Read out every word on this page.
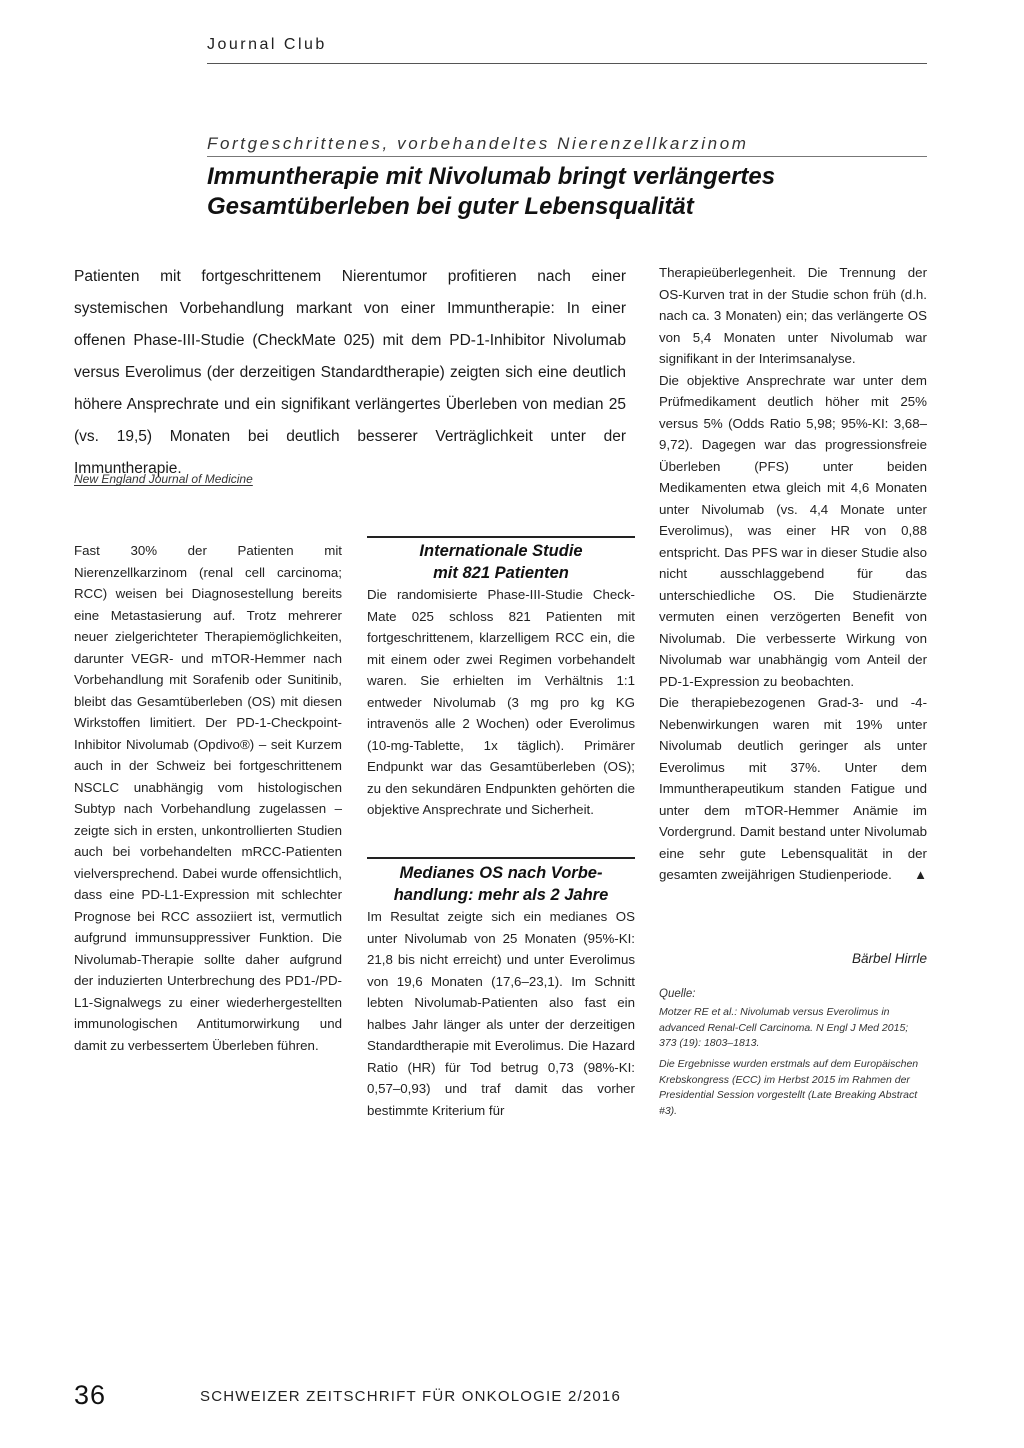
Journal Club
Fortgeschrittenes, vorbehandeltes Nierenzellkarzinom
Immuntherapie mit Nivolumab bringt verlängertes
Gesamtüberleben bei guter Lebensqualität

Patienten mit fortgeschrittenem Nierentumor profitieren nach einer systemischen Vorbehandlung markant von einer Immuntherapie: In einer offenen Phase-III-Studie (CheckMate 025) mit dem PD-1-Inhibitor Nivolumab versus Everolimus (der derzeitigen Standardtherapie) zeigten sich eine deutlich höhere Ansprechrate und ein signifikant verlängertes Überleben von median 25 (vs. 19,5) Monaten bei deutlich besserer Verträglichkeit unter der Immuntherapie.

New England Journal of Medicine

Fast 30% der Patienten mit Nierenzellkarzinom (renal cell carcinoma; RCC) weisen bei Diagnosestellung bereits eine Metastasierung auf. Trotz mehrerer neuer zielgerichteter Therapiemöglichkeiten, darunter VEGR- und mTOR-Hemmer nach Vorbehandlung mit Sorafenib oder Sunitinib, bleibt das Gesamtüberleben (OS) mit diesen Wirkstoffen limitiert. Der PD-1-Checkpoint-Inhibitor Nivolumab (Opdivo®) – seit Kurzem auch in der Schweiz bei fortgeschrittenem NSCLC unabhängig vom histologischen Subtyp nach Vorbehandlung zugelassen – zeigte sich in ersten, unkontrollierten Studien auch bei vorbehandelten mRCC-Patienten vielversprechend. Dabei wurde offensichtlich, dass eine PD-L1-Expression mit schlechter Prognose bei RCC assoziiert ist, vermutlich aufgrund immunsuppressiver Funktion. Die Nivolumab-Therapie sollte daher aufgrund der induzierten Unterbrechung des PD1-/PD-L1-Signalwegs zu einer wiederhergestellten immunologischen Antitumorwirkung und damit zu verbessertem Überleben führen.

Internationale Studie
mit 821 Patienten

Die randomisierte Phase-III-Studie Check-Mate 025 schloss 821 Patienten mit fortgeschrittenem, klarzelligem RCC ein, die mit einem oder zwei Regimen vorbehandelt waren. Sie erhielten im Verhältnis 1:1 entweder Nivolumab (3 mg pro kg KG intravenös alle 2 Wochen) oder Everolimus (10-mg-Tablette, 1x täglich). Primärer Endpunkt war das Gesamtüberleben (OS); zu den sekundären Endpunkten gehörten die objektive Ansprechrate und Sicherheit.

Medianes OS nach Vorbe-
handlung: mehr als 2 Jahre

Im Resultat zeigte sich ein medianes OS unter Nivolumab von 25 Monaten (95%-KI: 21,8 bis nicht erreicht) und unter Everolimus von 19,6 Monaten (17,6–23,1). Im Schnitt lebten Nivolumab-Patienten also fast ein halbes Jahr länger als unter der derzeitigen Standardtherapie mit Everolimus. Die Hazard Ratio (HR) für Tod betrug 0,73 (98%-KI: 0,57–0,93) und traf damit das vorher bestimmte Kriterium für

Therapieüberlegenheit. Die Trennung der OS-Kurven trat in der Studie schon früh (d.h. nach ca. 3 Monaten) ein; das verlängerte OS von 5,4 Monaten unter Nivolumab war signifikant in der Interimsanalyse.

Die objektive Ansprechrate war unter dem Prüfmedikament deutlich höher mit 25% versus 5% (Odds Ratio 5,98; 95%-KI: 3,68–9,72). Dagegen war das progressionsfreie Überleben (PFS) unter beiden Medikamenten etwa gleich mit 4,6 Monaten unter Nivolumab (vs. 4,4 Monate unter Everolimus), was einer HR von 0,88 entspricht. Das PFS war in dieser Studie also nicht ausschlaggebend für das unterschiedliche OS. Die Studienärzte vermuten einen verzögerten Benefit von Nivolumab. Die verbesserte Wirkung von Nivolumab war unabhängig vom Anteil der PD-1-Expression zu beobachten.

Die therapiebezogenen Grad-3- und -4-Nebenwirkungen waren mit 19% unter Nivolumab deutlich geringer als unter Everolimus mit 37%. Unter dem Immuntherapeutikum standen Fatigue und unter dem mTOR-Hemmer Anämie im Vordergrund. Damit bestand unter Nivolumab eine sehr gute Lebensqualität in der gesamten zweijährigen Studienperiode. ▲

Bärbel Hirrle
Quelle:

Motzer RE et al.: Nivolumab versus Everolimus in advanced Renal-Cell Carcinoma. N Engl J Med 2015; 373 (19): 1803–1813.

Die Ergebnisse wurden erstmals auf dem Europäischen Krebskongress (ECC) im Herbst 2015 im Rahmen der Presidential Session vorgestellt (Late Breaking Abstract #3).

36	SCHWEIZER ZEITSCHRIFT FÜR ONKOLOGIE 2/2016
